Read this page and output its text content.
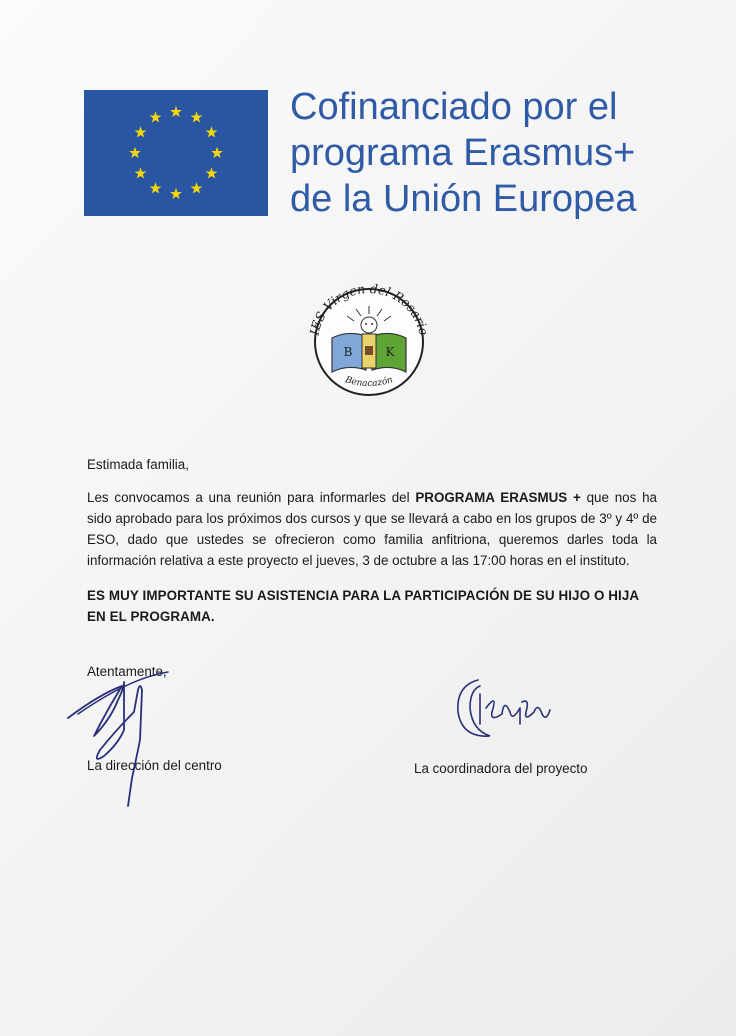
Cofinanciado por el
programa Erasmus+
de la Unión Europea
IES Virgen del Rosario
B	K
Benacazón
Estimada familia,
Les convocamos a una reunión para informarles del PROGRAMA ERASMUS + que nos ha sido aprobado para los próximos dos cursos y que se llevará a cabo en los grupos de 3º y 4º de ESO, dado que ustedes se ofrecieron como familia anfitriona, queremos darles toda la información relativa a este proyecto el jueves, 3 de octubre a las 17:00 horas en el instituto.
ES MUY IMPORTANTE SU ASISTENCIA PARA LA PARTICIPACIÓN DE SU HIJO O HIJA EN EL PROGRAMA.
Atentamente,
La dirección del centro	La coordinadora del proyecto
